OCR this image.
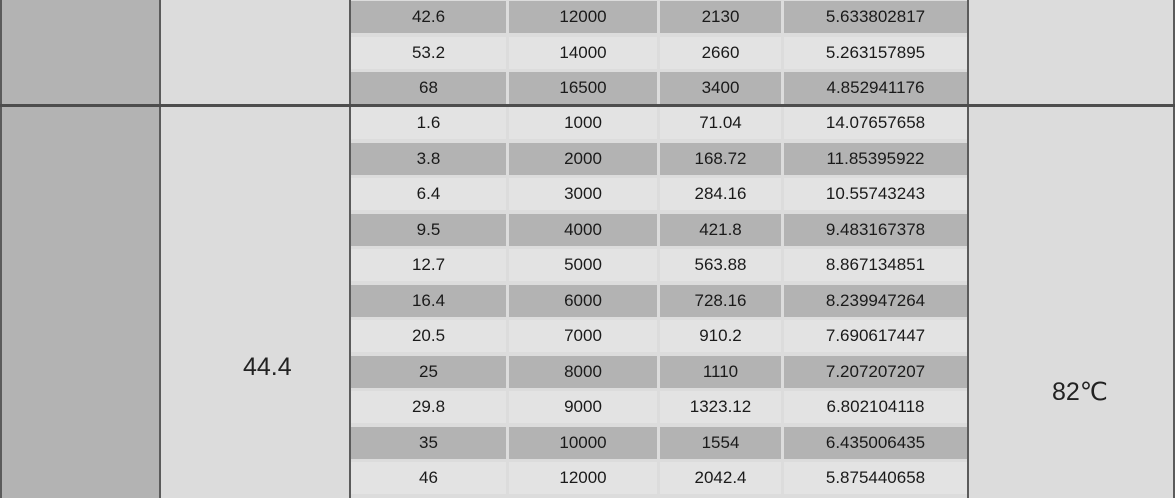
42.6	12000	2130	5.633802817
53.2	14000	2660	5.263157895
68	16500	3400	4.852941176
1.6	1000	71.04	14.07657658
3.8	2000	168.72	11.85395922
6.4	3000	284.16	10.55743243
9.5	4000	421.8	9.483167378
12.7	5000	563.88	8.867134851
16.4	6000	728.16	8.239947264
20.5	7000	910.2	7.690617447
25	8000	1110	7.207207207
29.8	9000	1323.12	6.802104118
35	10000	1554	6.435006435
46	12000	2042.4	5.875440658
44.4
82℃
